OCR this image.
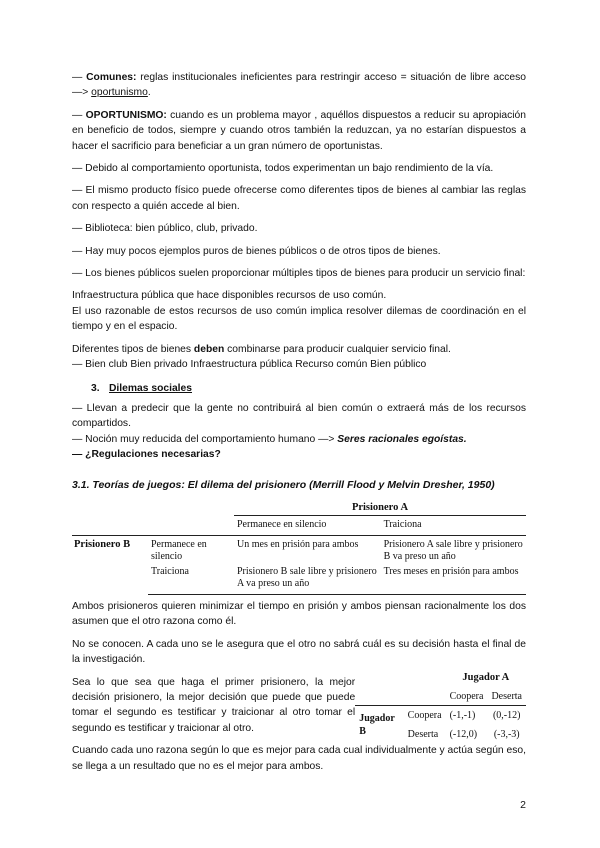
— Comunes: reglas institucionales ineficientes para restringir acceso = situación de libre acceso —> oportunismo.

— OPORTUNISMO: cuando es un problema mayor , aquéllos dispuestos a reducir su apropiación en beneficio de todos, siempre y cuando otros también la reduzcan, ya no estarían dispuestos a hacer el sacrificio para beneficiar a un gran número de oportunistas.

— Debido al comportamiento oportunista, todos experimentan un bajo rendimiento de la vía.

— El mismo producto físico puede ofrecerse como diferentes tipos de bienes al cambiar las reglas con respecto a quién accede al bien.

— Biblioteca: bien público, club, privado.

— Hay muy pocos ejemplos puros de bienes públicos o de otros tipos de bienes.

— Los bienes públicos suelen proporcionar múltiples tipos de bienes para producir un servicio final:

Infraestructura pública que hace disponibles recursos de uso común.

El uso razonable de estos recursos de uso común implica resolver dilemas de coordinación en el tiempo y en el espacio.

Diferentes tipos de bienes deben combinarse para producir cualquier servicio final.

— Bien club Bien privado Infraestructura pública Recurso común Bien público

3. Dilemas sociales

— Llevan a predecir que la gente no contribuirá al bien común o extraerá más de los recursos compartidos.

— Noción muy reducida del comportamiento humano —> Seres racionales egoístas.

— ¿Regulaciones necesarias?

3.1. Teorías de juegos: El dilema del prisionero (Merrill Flood y Melvin Dresher, 1950)
		Prisionero A	
		Permanece en silencio	Traiciona
Prisionero B	Permanece en silencio	Un mes en prisión para ambos	Prisionero A sale libre y prisionero B va preso un año
	Traiciona	Prisionero B sale libre y prisionero A va preso un año	Tres meses en prisión para ambos

Ambos prisioneros quieren minimizar el tiempo en prisión y ambos piensan racionalmente los dos asumen que el otro razona como él.

No se conocen. A cada uno se le asegura que el otro no sabrá cuál es su decisión hasta el final de la investigación.

Sea lo que sea que haga el primer prisionero, la mejor decisión prisionero, la mejor decisión que puede que puede tomar el segundo es testificar y traicionar al otro tomar el segundo es testificar y traicionar al otro.

		Jugador A	
		Coopera	Deserta
Jugador B	Coopera	(-1,-1)	(0,-12)
	Deserta	(-12,0)	(-3,-3)

Cuando cada uno razona según lo que es mejor para cada cual individualmente y actúa según eso, se llega a un resultado que no es el mejor para ambos.

2
